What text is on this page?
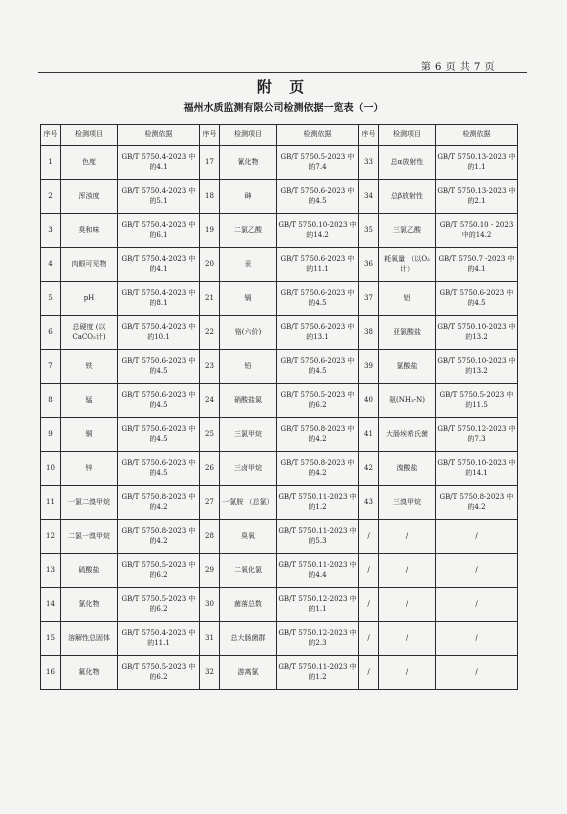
第 6 页 共 7 页
附 页
福州水质监测有限公司检测依据一览表（一）
序号	检测项目	检测依据	序号	检测项目	检测依据	序号	检测项目	检测依据
1	色度	GB/T 5750.4-2023 中的4.1	17	氰化物	GB/T 5750.5-2023 中的7.4	33	总α放射性	GB/T 5750.13-2023 中的1.1
2	浑浊度	GB/T 5750.4-2023 中的5.1	18	砷	GB/T 5750.6-2023 中的4.5	34	总β放射性	GB/T 5750.13-2023 中的2.1
3	臭和味	GB/T 5750.4-2023 中的6.1	19	二氯乙酸	GB/T 5750.10-2023 中的14.2	35	三氯乙酸	GB/T 5750.10 - 2023 中的14.2
4	肉眼可见物	GB/T 5750.4-2023 中的4.1	20	汞	GB/T 5750.6-2023 中的11.1	36	耗氧量 （以O₂计）	GB/T 5750.7 -2023 中的4.1
5	pH	GB/T 5750.4-2023 中的8.1	21	镉	GB/T 5750.6-2023 中的4.5	37	铝	GB/T 5750.6-2023 中的4.5
6	总硬度 (以CaCO₃计)	GB/T 5750.4-2023 中的10.1	22	铬(六价)	GB/T 5750.6-2023 中的13.1	38	亚氯酸盐	GB/T 5750.10-2023 中的13.2
7	铁	GB/T 5750.6-2023 中的4.5	23	铅	GB/T 5750.6-2023 中的4.5	39	氯酸盐	GB/T 5750.10-2023 中的13.2
8	锰	GB/T 5750.6-2023 中的4.5	24	硝酸盐氮	GB/T 5750.5-2023 中的6.2	40	氨(NH₃-N)	GB/T 5750.5-2023 中的11.5
9	铜	GB/T 5750.6-2023 中的4.5	25	三氯甲烷	GB/T 5750.8-2023 中的4.2	41	大肠埃希氏菌	GB/T 5750.12-2023 中的7.3
10	锌	GB/T 5750.6-2023 中的4.5	26	三卤甲烷	GB/T 5750.8-2023 中的4.2	42	溴酸盐	GB/T 5750.10-2023 中的14.1
11	一氯二溴甲烷	GB/T 5750.8-2023 中的4.2	27	一氯胺 （总氯）	GB/T 5750.11-2023 中的1.2	43	三溴甲烷	GB/T 5750.8-2023 中的4.2
12	二氯一溴甲烷	GB/T 5750.8-2023 中的4.2	28	臭氧	GB/T 5750.11-2023 中的5.3	/	/	/
13	硫酸盐	GB/T 5750.5-2023 中的6.2	29	二氧化氯	GB/T 5750.11-2023 中的4.4	/	/	/
14	氯化物	GB/T 5750.5-2023 中的6.2	30	菌落总数	GB/T 5750.12-2023 中的1.1	/	/	/
15	溶解性总固体	GB/T 5750.4-2023 中的11.1	31	总大肠菌群	GB/T 5750.12-2023 中的2.3	/	/	/
16	氟化物	GB/T 5750.5-2023 中的6.2	32	游离氯	GB/T 5750.11-2023 中的1.2	/	/	/
